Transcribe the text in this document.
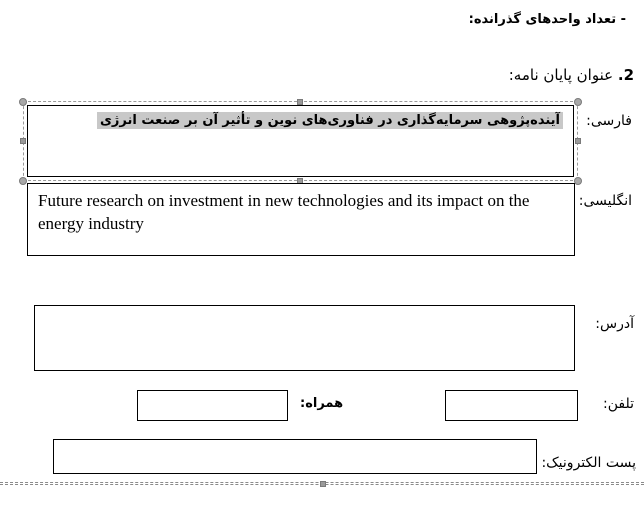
- تعداد واحدهای گذرانده:
2. عنوان پایان نامه:
فارسی:
آینده‌پژوهی سرمایه‌گذاری در فناوری‌های نوین و تأثیر آن بر صنعت انرژی
انگلیسی:
Future research on investment in new technologies and its impact on the energy industry
آدرس:
تلفن:
همراه:
پست الکترونیک:
